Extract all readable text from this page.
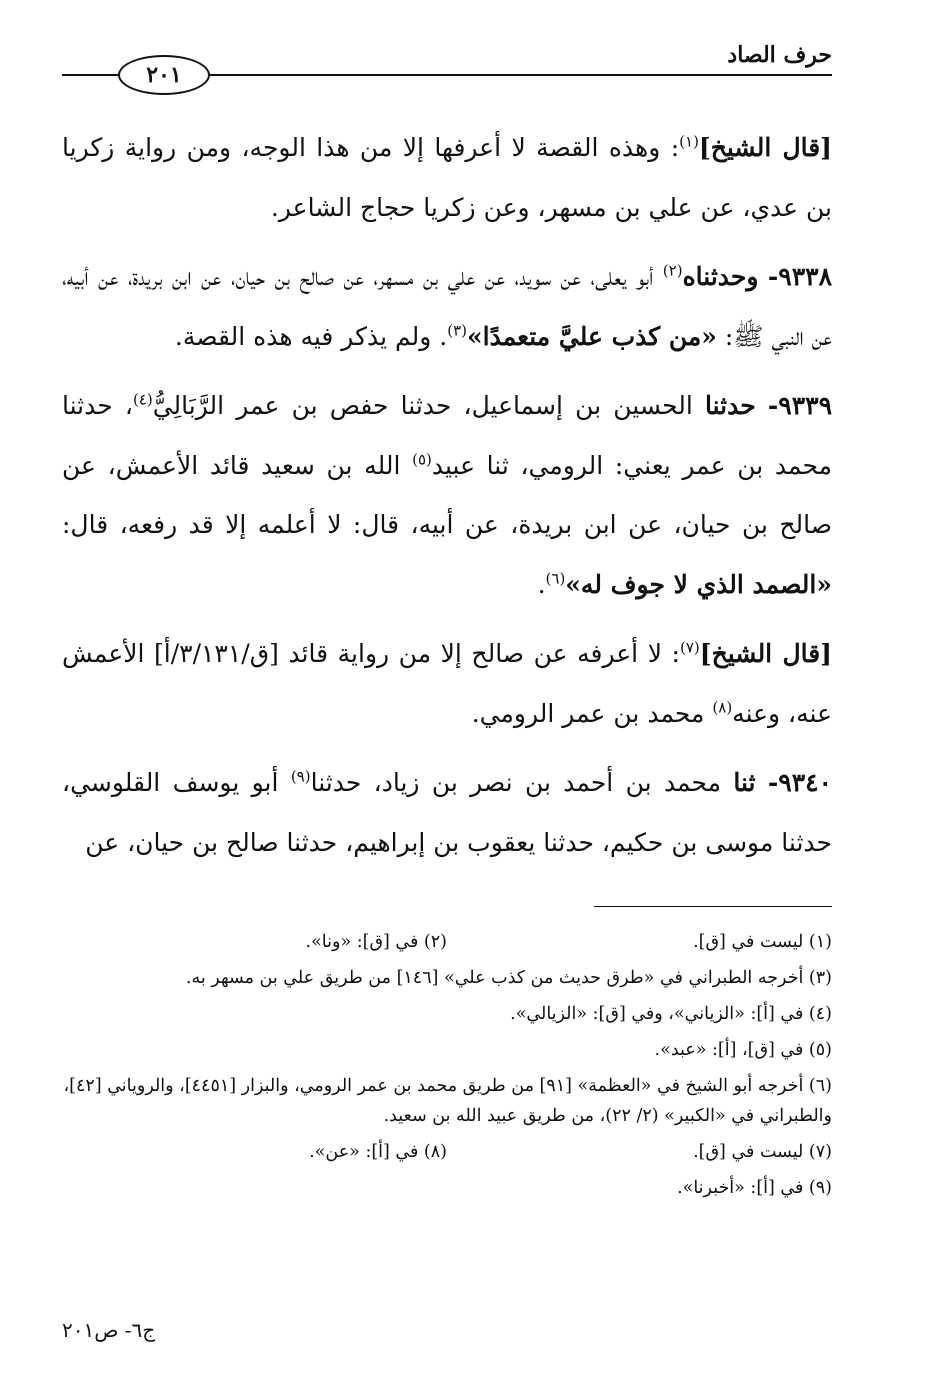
حرف الصاد
٢٠١

[قال الشيخ]$^{(١)}$: وهذه القصة لا أعرفها إلا من هذا الوجه، ومن رواية زكريا بن عدي، عن علي بن مسهر، وعن زكريا حجاج الشاعر.

٩٣٣٨- وحدثناه$^{(٢)}$ أبو يعلى، عن سويد، عن علي بن مسهر، عن صالح بن حيان، عن ابن بريدة، عن أبيه، عن النبي ﷺ: «من كذب عليَّ متعمدًا»$^{(٣)}$. ولم يذكر فيه هذه القصة.

٩٣٣٩- حدثنا الحسين بن إسماعيل، حدثنا حفص بن عمر الرَّبَالِيُّ$^{(٤)}$، حدثنا محمد بن عمر يعني: الرومي، ثنا عبيد$^{(٥)}$ الله بن سعيد قائد الأعمش، عن صالح بن حيان، عن ابن بريدة، عن أبيه، قال: لا أعلمه إلا قد رفعه، قال: «الصمد الذي لا جوف له»$^{(٦)}$.

[قال الشيخ]$^{(٧)}$: لا أعرفه عن صالح إلا من رواية قائد [ق/٣/١٣١/أ] الأعمش عنه، وعنه$^{(٨)}$ محمد بن عمر الرومي.

٩٣٤٠- ثنا محمد بن أحمد بن نصر بن زياد، حدثنا$^{(٩)}$ أبو يوسف القلوسي، حدثنا موسى بن حكيم، حدثنا يعقوب بن إبراهيم، حدثنا صالح بن حيان، عن

(١) ليست في [ق].
(٢) في [ق]: «ونا».
(٣) أخرجه الطبراني في «طرق حديث من كذب علي» [١٤٦] من طريق علي بن مسهر به.
(٤) في [أ]: «الزياني»، وفي [ق]: «الزيالي».
(٥) في [ق]، [أ]: «عبد».
(٦) أخرجه أبو الشيخ في «العظمة» [٩١] من طريق محمد بن عمر الرومي، والبزار [٤٤٥١]، والروياني [٤٢]، والطبراني في «الكبير» (٢/ ٢٢)، من طريق عبيد الله بن سعيد.
(٧) ليست في [ق].
(٨) في [أ]: «عن».
(٩) في [أ]: «أخبرنا».
ج٦- ص٢٠١
